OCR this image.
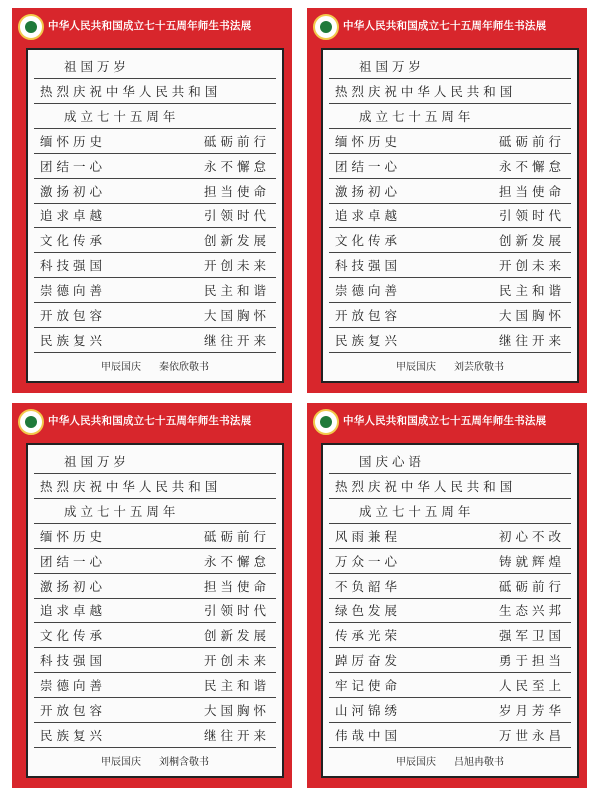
中华人民共和国成立七十五周年师生书法展
祖 国 万 岁
热 烈 庆 祝 中 华 人 民 共 和 国
成 立 七 十 五 周 年
缅怀历史	砥砺前行
团结一心	永不懈怠
激扬初心	担当使命
追求卓越	引领时代
文化传承	创新发展
科技强国	开创未来
崇德向善	民主和谐
开放包容	大国胸怀
民族复兴	继往开来
甲辰国庆 秦依欣敬书
中华人民共和国成立七十五周年师生书法展
祖 国 万 岁
热 烈 庆 祝 中 华 人 民 共 和 国
成 立 七 十 五 周 年
缅怀历史	砥砺前行
团结一心	永不懈怠
激扬初心	担当使命
追求卓越	引领时代
文化传承	创新发展
科技强国	开创未来
崇德向善	民主和谐
开放包容	大国胸怀
民族复兴	继往开来
甲辰国庆 刘芸欣敬书
中华人民共和国成立七十五周年师生书法展
祖 国 万 岁
热 烈 庆 祝 中 华 人 民 共 和 国
成 立 七 十 五 周 年
缅怀历史	砥砺前行
团结一心	永不懈怠
激扬初心	担当使命
追求卓越	引领时代
文化传承	创新发展
科技强国	开创未来
崇德向善	民主和谐
开放包容	大国胸怀
民族复兴	继往开来
甲辰国庆 刘桐含敬书
中华人民共和国成立七十五周年师生书法展
国 庆 心 语
热 烈 庆 祝 中 华 人 民 共 和 国
成 立 七 十 五 周 年
风雨兼程	初心不改
万众一心	铸就辉煌
不负韶华	砥砺前行
绿色发展	生态兴邦
传承光荣	强军卫国
踔厉奋发	勇于担当
牢记使命	人民至上
山河锦绣	岁月芳华
伟哉中国	万世永昌
甲辰国庆 吕旭冉敬书
